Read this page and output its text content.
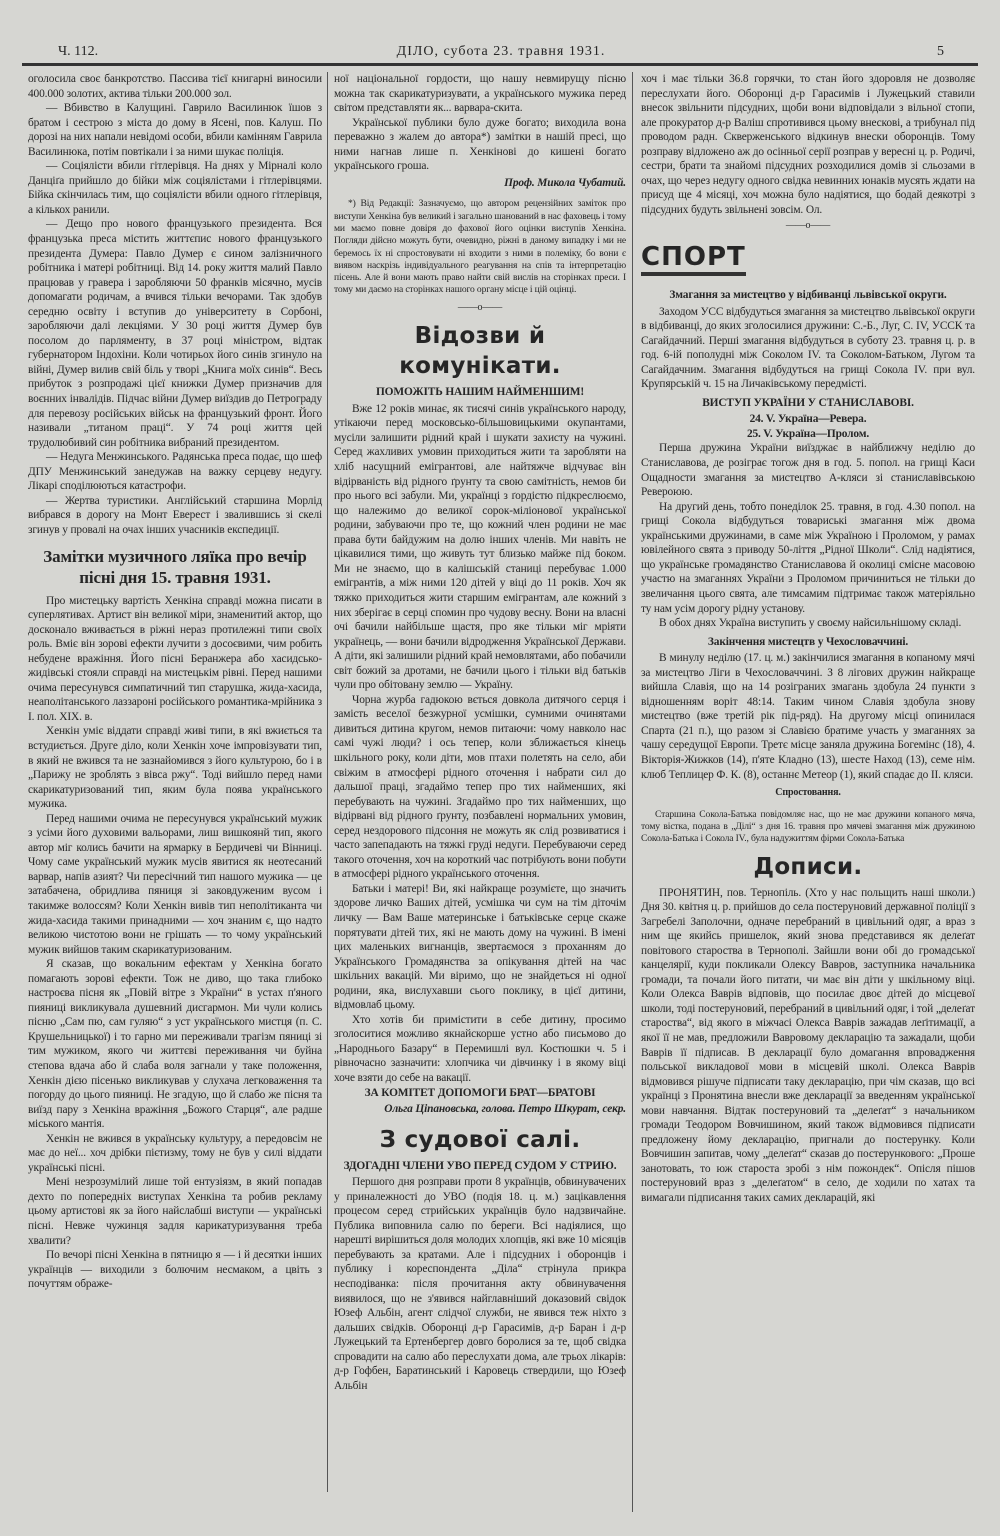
Ч. 112.	ДІЛО, субота 23. травня 1931.	5

оголосила своє банкротство. Пассива тієї книгарні виносили 400.000 золотих, актива тільки 200.000 зол.

— Вбивство в Калущині. Гаврило Василинюк їшов з братом і сестрою з міста до дому в Ясені, пов. Калуш. По дорозі на них напали невідомі особи, вбили камінням Гаврила Василинюка, потім повтікали і за ними шукає поліція.

— Соціялісти вбили гітлерівця. На днях у Мірналі коло Данціґа прийшло до бійки між соціялістами і гітлерівцями. Бійка скінчилась тим, що соціялісти вбили одного гітлерівця, а кількох ранили.

— Дещо про нового французького президента. Вся французька преса містить життєпис нового французького президента Думера: Павло Думер є сином залізничного робітника і матері робітниці. Від 14. року життя малий Павло працював у гравера і заробляючи 50 франків місячно, мусів допомагати родичам, а вчився тільки вечорами. Так здобув середню освіту і вступив до університету в Сорбоні, заробляючи далі лекціями. У 30 році життя Думер був посолом до парляменту, в 37 році міністром, відтак губернатором Індохіни. Коли чотирьох його синів згинуло на війні, Думер вилив свій біль у творі „Книга моїх синів“. Весь прибуток з розпродажі цієї книжки Думер призначив для воєнних інвалідів. Підчас війни Думер виїздив до Петрограду для перевозу російських військ на французький фронт. Його називали „титаном праці“. У 74 році життя цей трудолюбивий син робітника вибраний президентом.

— Недуга Менжинського. Радянська преса подає, що шеф ДПУ Менжинський занедужав на важку серцеву недугу. Лікарі споділюються катастрофи.

— Жертва туристики. Англійський старшина Морлід вибрався в дорогу на Монт Еверест і звалившись зі скелі згинув у провалі на очах інших учасників експедиції.

Замітки музичного ляїка про вечір пісні дня 15. травня 1931.

Про мистецьку вартість Хенкіна справді можна писати в суперлятивах. Артист він великої міри, знаменитий актор, що досконало вживається в ріжні нераз протилежні типи своїх роль. Вміє він зорові ефекти лучити з досоєвими, чим робить небудене вражіння. Його пісні Беранжера або хасидсько-жидівські стояли справді на мистецькім рівні. Перед нашими очима пересунувся симпатичний тип старушка, жида-хасида, неаполітанського лаззароні російського романтика-мрійника з І. пол. XIX. в.

Хенкін уміє віддати справді живі типи, в які вжиється та встудиється. Друге діло, коли Хенкін хоче імпровізувати тип, в який не вжився та не зазнайомився з його культурою, бо і в „Парижу не зроблять з вівса ржу“. Тоді вийшло перед нами скарикатуризований тип, яким була поява українського мужика.

Перед нашими очима не пересунувся український мужик з усіми його духовими вальорами, лиш вишкоянй тип, якого автор міг колись бачити на ярмарку в Бердичеві чи Вінниці. Чому саме український мужик мусів явитися як неотесаний варвар, напів азият? Чи пересічний тип нашого мужика — це затабачена, обридлива пяниця зі заковдуженим вусом і такимже волоссям? Коли Хенкін вивів тип неполітиканта чи жида-хасида такими принадними — хоч знаним є, що надто великою чистотою вони не грішать — то чому український мужик вийшов таким скарикатуризованим.

Я сказав, що вокальним ефектам у Хенкіна богато помагають зорові ефекти. Тож не диво, що така глибоко настроєва пісня як „Повій вітре з України“ в устах п'яного пияниці викликувала душевний дисгармон. Ми чули колись пісню „Сам пю, сам гуляю“ з уст українського мистця (п. С. Крушельницької) і то гарно ми переживали трагізм пяниці зі тим мужиком, якого чи життєві переживання чи буйна степова вдача або й слаба воля загнали у таке положення, Хенкін дією пісенько викликував у слухача легковаження та погорду до цього пияниці. Не згадую, що й слабо же пісня та виїзд пару з Хенкіна вражіння „Божого Старця“, але радше міського мантія.

Хенкін не вжився в українську культуру, а передовсім не має до неї... хоч дрібки пієтизму, тому не був у силі віддати українські пісні.

Мені незрозумілий лише той ентузіязм, в який попадав дехто по попередніх виступах Хенкіна та робив рекламу цьому артистові як за його найслабші виступи — українські пісні. Невже чужинця задля карикатуризування треба хвалити?

По вечорі пісні Хенкіна в пятницю я — і й десятки інших українців — виходили з болючим несмаком, а цвіть з почуттям ображе-

ної національної гордости, що нашу невмирущу пісню можна так скарикатуризувати, а українського мужика перед світом представляти як... варвара-скита.

Української публики було дуже богато; виходила вона переважно з жалем до автора*) замітки в нашій пресі, що ними нагнав лише п. Хенкінові до кишені богато українського гроша.

Проф. Микола Чубатий.
*) Від Редакції: Зазначуємо, що автором рецензійних заміток про виступи Хенкіна був великий і загально шанований в нас фаховець і тому ми маємо повне довіря до фахової його оцінки виступів Хенкіна. Погляди дійсно можуть бути, очевидно, ріжні в даному випадку і ми не беремось їх ні спростовувати ні входити з ними в полеміку, бо вони є виявом наскрізь індивідуального реагування на спів та інтерпретацію пісень. Але й вони мають право найти свій вислів на сторінках преси. І тому ми даємо на сторінках нашого органу місце і цій оцінці.
——o——
Відозви й комунікати.
ПОМОЖІТЬ НАШИМ НАЙМЕНШИМ!

Вже 12 років минає, як тисячі синів українського народу, утікаючи перед московсько-більшовицькими окупантами, мусіли залишити рідний край і шукати захисту на чужині. Серед жахливих умовин приходиться жити та заробляти на хліб насущний емігрантові, але найтяжче відчуває він відірваність від рідного ґрунту та свою самітність, немов би про нього всі забули. Ми, українці з ґордістю підкреслюємо, що належимо до великої сорок-міліонової української родини, забуваючи про те, що кожний член родини не має права бути байдужим на долю інших членів. Ми навіть не цікавилися тими, що живуть тут близько майже під боком. Ми не знаємо, що в калішській станиці перебуває 1.000 емігрантів, а між ними 120 дітей у віці до 11 років. Хоч як тяжко приходиться жити старшим емігрантам, але кожний з них зберігає в серці спомин про чудову весну. Вони на власні очі бачили найбільше щастя, про яке тільки міг мріяти українець, — вони бачили відродження Української Держави. А діти, які залишили рідний край немовлятами, або побачили світ божий за дротами, не бачили цього і тільки від батьків чули про обітовану землю — Україну.

Чорна журба гадюкою вється довкола дитячого серця і замість веселої безжурної усмішки, сумними очинятами дивиться дитина кругом, немов питаючи: чому навколо нас самі чужі люди? і ось тепер, коли зближається кінець шкільного року, коли діти, мов птахи полетять на село, аби свіжим в атмосфері рідного оточення і набрати сил до дальшої праці, згадаймо тепер про тих найменших, які перебувають на чужині. Згадаймо про тих найменших, що відірвані від рідного ґрунту, позбавлені нормальних умовин, серед нездорового підсоння не можуть як слід розвиватися і часто запепадають на тяжкі груді недуги. Перебуваючи серед такого оточення, хоч на короткий час потрібують вони побути в атмосфері рідного українського оточення.

Батьки і матері! Ви, які найкраще розумієте, що значить здорове личко Ваших дітей, усмішка чи сум на тім діточім личку — Вам Ваше материнське і батьківське серце скаже порятувати дітей тих, які не мають дому на чужині. В імені цих маленьких вигнанців, звертаємося з проханням до Українського Громадянства за опікування дітей на час шкільних вакацій. Ми віримо, що не знайдеться ні одної родини, яка, вислухавши сього поклику, в цієї дитини, відмовлаб цьому.

Хто хотів би примістити в себе дитину, просимо зголоситися можливо якнайскорше устно або письмово до „Народнього Базару“ в Перемишлі вул. Костюшки ч. 5 і рівночасно зазначити: хлопчика чи дівчинку і в якому віці хоче взяти до себе на вакації.

ЗА КОМІТЕТ ДОПОМОГИ БРАТ—БРАТОВІ
Ольга Ціпановська, голова. Петро Шкурат, секр.
З судової салі.
ЗДОГАДНІ ЧЛЕНИ УВО ПЕРЕД СУДОМ У СТРИЮ.

Першого дня розправи проти 8 українців, обвинувачених у приналежності до УВО (подія 18. ц. м.) зацікавлення процесом серед стрийських українців було надзвичайне. Публика виповнила салю по береги. Всі надіялися, що нарешті вирішиться доля молодих хлопців, які вже 10 місяців перебувають за кратами. Але і підсудних і оборонців і публику і кореспондента „Діла“ стрінула прикра несподіванка: після прочитання акту обвинувачення виявилося, що не з'явився найглавніший доказовий свідок Юзеф Альбін, агент слідчої служби, не явився теж ніхто з дальших свідків. Оборонці д-р Гарасимів, д-р Баран і д-р Лужецький та Ертенбергер довго боролися за те, щоб свідка спровадити на салю або переслухати дома, але трьох лікарів: д-р Гофбен, Баратинський і Каровець ствердили, що Юзеф Альбін

хоч і має тільки 36.8 горячки, то стан його здоровля не дозволяє переслухати його. Оборонці д-р Гарасимів і Лужецький ставили внесок звільнити підсудних, щоби вони відповідали з вільної стопи, але прокуратор д-р Валіш спротивився цьому внескові, а трибунал під проводом радн. Скверженського відкинув внески оборонців. Тому розправу відложено аж до осінньої серії розправ у вересні ц. р. Родичі, сестри, брати та знайомі підсудних розходилися домів зі сльозами в очах, що через недугу одного свідка невинних юнаків мусять ждати на присуд ще 4 місяці, хоч можна було надіятися, що бодай деякотрі з підсудних будуть звільнені зовсім. Ол.

——o——
СПОРТ
Змагання за мистецтво у відбиванці львівської округи.

Заходом УСС відбудуться змагання за мистецтво львівської округи в відбиванці, до яких зголосилися дружини: С.-Б., Луг, С. IV, УССК та Сагайдачний. Перші змагання відбудуться в суботу 23. травня ц. р. в год. 6-ій пополудні між Соколом IV. та Соколом-Батьком, Лугом та Сагайдачним. Змагання відбудуться на грищі Сокола IV. при вул. Крупярській ч. 15 на Личаківському передмісті.

ВИСТУП УКРАЇНИ У СТАНИСЛАВОВІ.
24. V. Україна—Ревера.
25. V. Україна—Пролом.

Перша дружина України виїзджає в найближчу неділю до Станиславова, де розіграє тогож дня в год. 5. попол. на грищі Каси Ощадности змагання за мистецтво А-кляси зі станиславівською Ревероюю.

На другий день, тобто понеділок 25. травня, в год. 4.30 попол. на грищі Сокола відбудуться товариські змагання між двома українськими дружинами, в саме між Україною і Проломом, у рамах ювілейного свята з приводу 50-ліття „Рідної Школи“. Слід надіятися, що українське громадянство Станиславова й околиці смісне масовою участю на змаганнях України з Проломом причиниться не тільки до звеличання цього свята, але тимсамим підтримає також матеріяльно ту нам усім дорогу рідну установу.

В обох днях Україна виступить у своєму найсильнішому складі.

Закінчення мистецтв у Чехословаччині.

В минулу неділю (17. ц. м.) закінчилися змагання в копаному мячі за мистецтво Ліги в Чехословаччині. З 8 лігових дружин найкраще вийшла Славія, що на 14 розіграних змагань здобула 24 пункти з відношенням воріт 48:14. Таким чином Славія здобула знову мистецтво (вже третій рік під-ряд). На другому місці опинилася Спарта (21 п.), що разом зі Славією братиме участь у змаганнях за чашу середущої Европи. Третє місце заняла дружина Богемінс (18), 4. Вікторія-Жижков (14), п'яте Кладно (13), шесте Наход (13), семе нім. клюб Теплицер Ф. К. (8), останнє Метеор (1), який спадає до II. кляси.

Спростовання.
Старшина Сокола-Батька повідомляє нас, що не має дружини копаного мяча, тому вістка, подана в „Ділі“ з дня 16. травня про мячеві змагання між дружиною Сокола-Батька і Сокола IV., була надужиттям фірми Сокола-Батька
Дописи.

ПРОНЯТИН, пов. Тернопіль. (Хто у нас польщить наші школи.) Дня 30. квітня ц. р. прийшов до села постеруновий державної поліції з Загребелі Заполочни, одначе перебраний в цивільний одяг, а враз з ним ще якийсь пришелок, який знова представився як делеґат повітового староства в Тернополі. Зайшли вони обі до громадської канцелярії, куди покликали Олексу Вавров, заступника начальника громади, та почали його питати, чи має він діти у шкільному віці. Коли Олекса Ваврів відповів, що посилає двоє дітей до місцевої школи, тоді постеруновий, перебраний в цивільний одяг, і той „делеґат староства“, від якого в міжчасі Олекса Ваврів зажадав леґітимації, а якої її не мав, предложили Вавровому декларацію та зажадали, щоби Ваврів її підписав. В декларації було домагання впровадження польської викладової мови в місцевій школі. Олекса Ваврів відмовився рішуче підписати таку декларацію, при чім сказав, що всі українці з Пронятина внесли вже декларації за введенням української мови навчання. Відтак постеруновий та „делеґат“ з начальником громади Теодором Вовчишином, який також відмовився підписати предложену йому декларацію, пригнали до постерунку. Коли Вовчишин запитав, чому „делеґат“ сказав до постерункового: „Проше занотовать, то юж староста зробі з нім пожондек“. Опісля пішов постеруновий враз з „делеґатом“ в село, де ходили по хатах та вимагали підписання таких самих декларацій, які
